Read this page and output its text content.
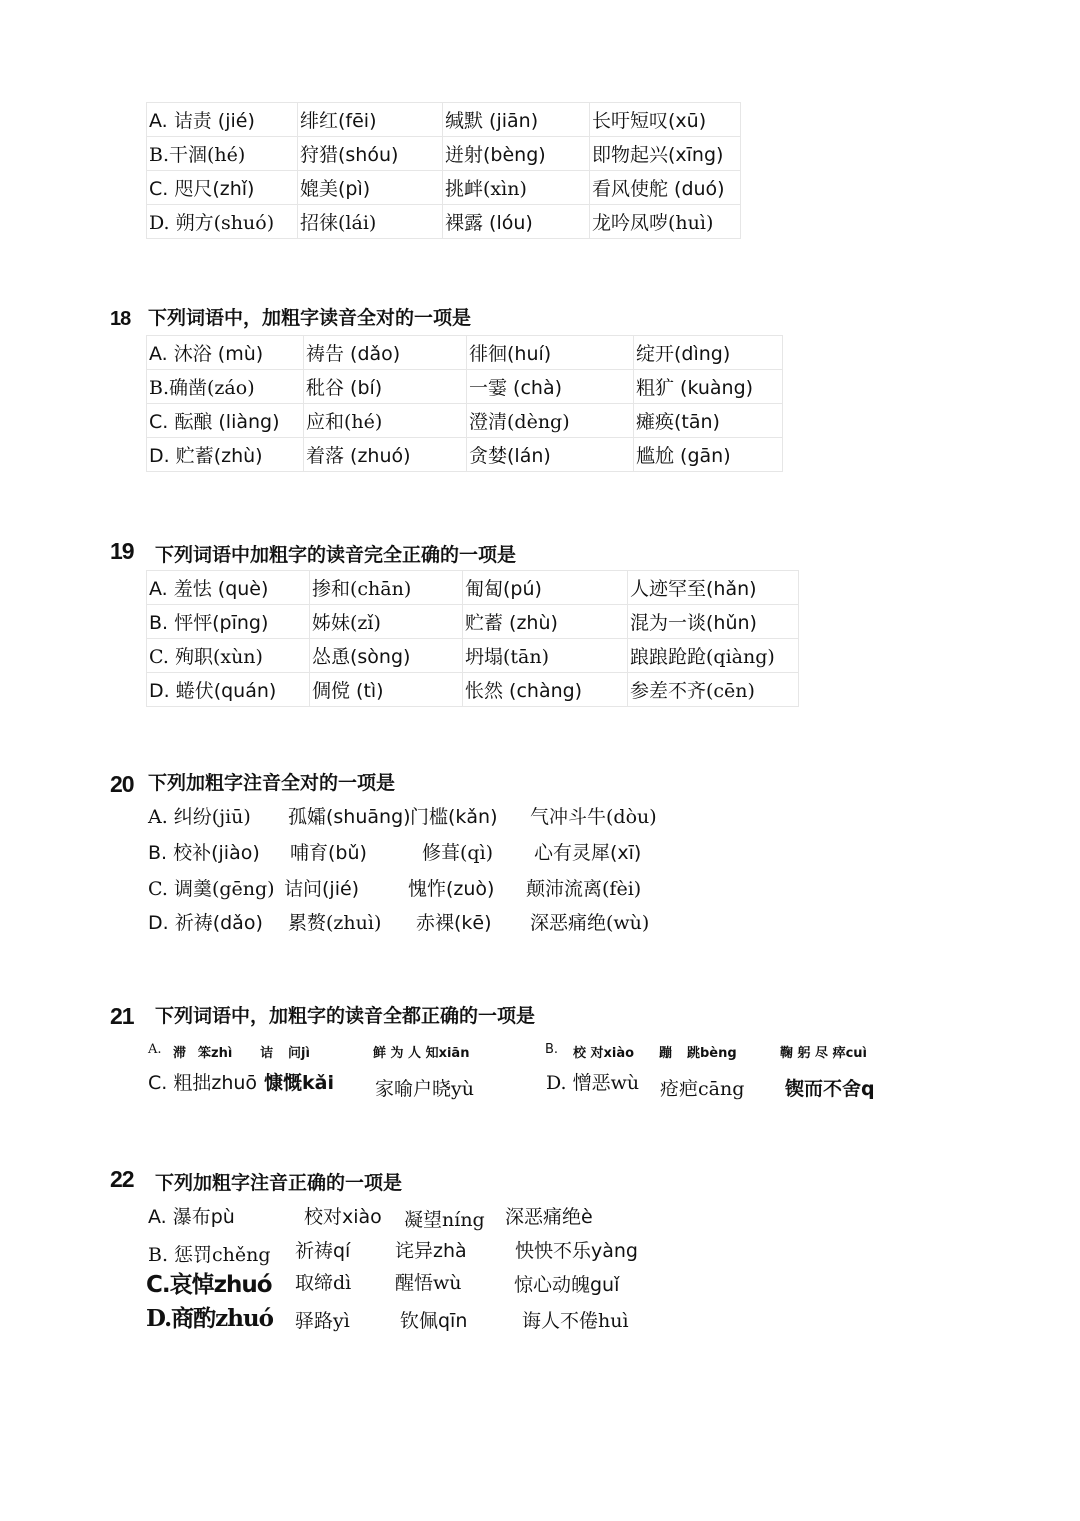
A. 诘责 (jié)	绯红(fēi)	缄默 (jiān)	长吁短叹(xū)
B.干涸(hé)	狩猎(shóu)	迸射(bèng)	即物起兴(xīng)
C. 咫尺(zhǐ)	媲美(pì)	挑衅(xìn)	看风使舵 (duó)
D. 朔方(shuó)	招徕(lái)	裸露 (lóu)	龙吟凤哕(huì)
18 下列词语中，加粗字读音全对的一项是
A. 沐浴 (mù)	祷告 (dǎo)	徘徊(huí)	绽开(dìng)
B.确凿(záo)	秕谷 (bí)	一霎 (chà)	粗犷 (kuàng)
C. 酝酿 (liàng)	应和(hé)	澄清(dèng)	瘫痪(tān)
D. 贮蓄(zhù)	着落 (zhuó)	贪婪(lán)	尴尬 (gān)
19 下列词语中加粗字的读音完全正确的一项是
A. 羞怯 (què)	掺和(chān)	匍匐(pú)	人迹罕至(hǎn)
B. 怦怦(pīng)	姊妹(zǐ)	贮蓄 (zhù)	混为一谈(hǔn)
C. 殉职(xùn)	怂恿(sòng)	坍塌(tān)	踉踉跄跄(qiàng)
D. 蜷伏(quán)	倜傥 (tì)	怅然 (chàng)	参差不齐(cēn)
20 下列加粗字注音全对的一项是
A. 纠纷(jiū) 孤孀(shuāng) 门槛(kǎn) 气冲斗牛(dòu)
B. 校补(jiào) 哺育(bǔ)	修葺(qì) 心有灵犀(xī)
C. 调羹(gēng) 诘问(jié)	愧怍(zuò) 颠沛流离(fèi)
D. 祈祷(dǎo) 累赘(zhuì) 赤裸(kē) 深恶痛绝(wù)
21 下列词语中，加粗字的读音全都正确的一项是
A. 滞 笨zhì 诘 问jì	鲜 为 人 知xiān	B. 校 对xiào 蹦 跳bèng	鞠 躬 尽 瘁cuì
C. 粗拙zhuō 慷慨kǎi 家喻户晓yù	D. 憎恶wù 疮疤cāng 锲而不舍q
22 下列加粗字注音正确的一项是
A. 瀑布pù	校对xiào 凝望níng 深恶痛绝è
B. 惩罚chěng 祈祷qí 诧异zhà	怏怏不乐yàng
C.哀悼zhuó 取缔dì 醒悟wù	惊心动魄guǐ
D.商酌zhuó 驿路yì	钦佩qīn	诲人不倦huì
